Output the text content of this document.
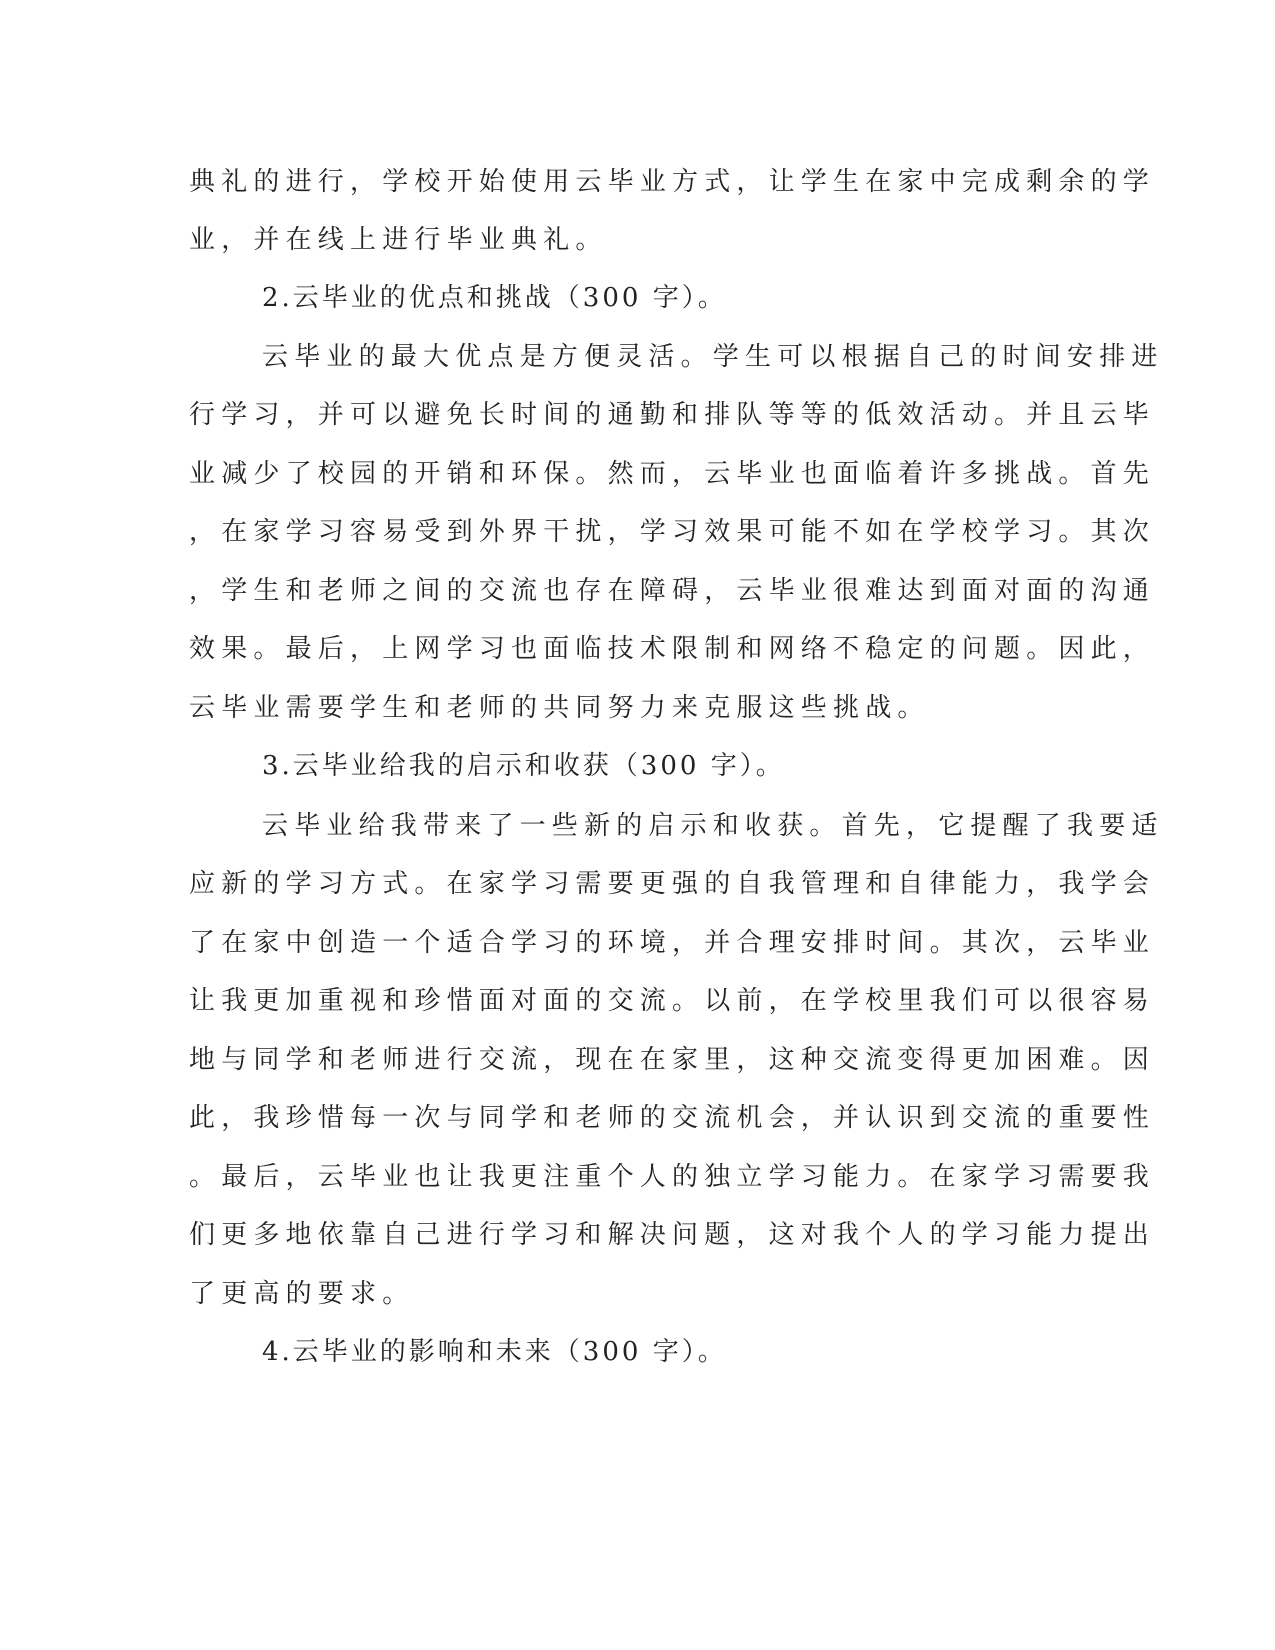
典礼的进行，学校开始使用云毕业方式，让学生在家中完成剩余的学
业，并在线上进行毕业典礼。
2.云毕业的优点和挑战（300 字）。
云毕业的最大优点是方便灵活。学生可以根据自己的时间安排进
行学习，并可以避免长时间的通勤和排队等等的低效活动。并且云毕
业减少了校园的开销和环保。然而，云毕业也面临着许多挑战。首先
，在家学习容易受到外界干扰，学习效果可能不如在学校学习。其次
，学生和老师之间的交流也存在障碍，云毕业很难达到面对面的沟通
效果。最后，上网学习也面临技术限制和网络不稳定的问题。因此，
云毕业需要学生和老师的共同努力来克服这些挑战。
3.云毕业给我的启示和收获（300 字）。
云毕业给我带来了一些新的启示和收获。首先，它提醒了我要适
应新的学习方式。在家学习需要更强的自我管理和自律能力，我学会
了在家中创造一个适合学习的环境，并合理安排时间。其次，云毕业
让我更加重视和珍惜面对面的交流。以前，在学校里我们可以很容易
地与同学和老师进行交流，现在在家里，这种交流变得更加困难。因
此，我珍惜每一次与同学和老师的交流机会，并认识到交流的重要性
。最后，云毕业也让我更注重个人的独立学习能力。在家学习需要我
们更多地依靠自己进行学习和解决问题，这对我个人的学习能力提出
了更高的要求。
4.云毕业的影响和未来（300 字）。
